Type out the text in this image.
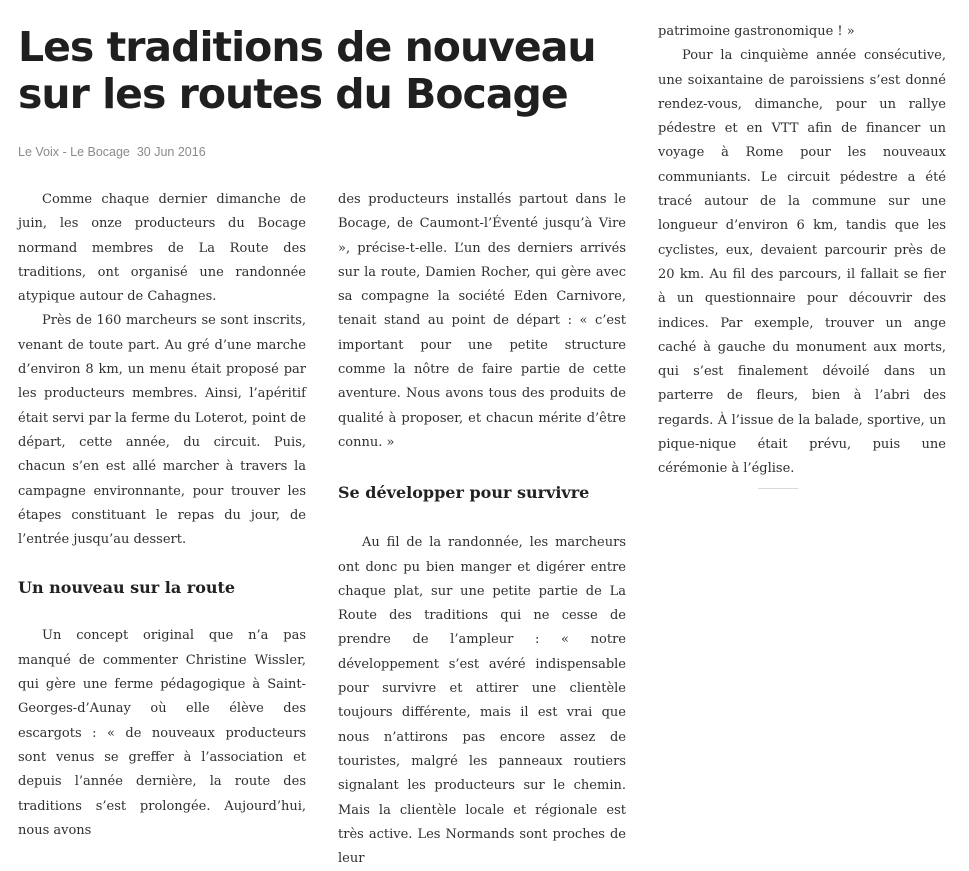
Les traditions de nouveau sur les routes du Bocage
Le Voix - Le Bocage 30 Jun 2016

Comme chaque dernier dimanche de juin, les onze producteurs du Bocage normand membres de La Route des traditions, ont organisé une randonnée atypique autour de Cahagnes.

Près de 160 marcheurs se sont inscrits, venant de toute part. Au gré d’une marche d’environ 8 km, un menu était proposé par les producteurs membres. Ainsi, l’apéritif était servi par la ferme du Loterot, point de départ, cette année, du circuit. Puis, chacun s’en est allé marcher à travers la campagne environnante, pour trouver les étapes constituant le repas du jour, de l’entrée jusqu’au dessert.

Un nouveau sur la route

Un concept original que n’a pas manqué de commenter Christine Wissler, qui gère une ferme pédagogique à Saint-Georges-d’Aunay où elle élève des escargots : « de nouveaux producteurs sont venus se greffer à l’association et depuis l’année dernière, la route des traditions s’est prolongée. Aujourd’hui, nous avons

des producteurs installés partout dans le Bocage, de Caumont-l’Éventé jusqu’à Vire », précise-t-elle. L’un des derniers arrivés sur la route, Damien Rocher, qui gère avec sa compagne la société Eden Carnivore, tenait stand au point de départ : « c’est important pour une petite structure comme la nôtre de faire partie de cette aventure. Nous avons tous des produits de qualité à proposer, et chacun mérite d’être connu. »

Se développer pour survivre

Au fil de la randonnée, les marcheurs ont donc pu bien manger et digérer entre chaque plat, sur une petite partie de La Route des traditions qui ne cesse de prendre de l’ampleur : « notre développement s’est avéré indispensable pour survivre et attirer une clientèle toujours différente, mais il est vrai que nous n’attirons pas encore assez de touristes, malgré les panneaux routiers signalant les producteurs sur le chemin. Mais la clientèle locale et régionale est très active. Les Normands sont proches de leur

patrimoine gastronomique ! »

Pour la cinquième année consécutive, une soixantaine de paroissiens s’est donné rendez-vous, dimanche, pour un rallye pédestre et en VTT afin de financer un voyage à Rome pour les nouveaux communiants. Le circuit pédestre a été tracé autour de la commune sur une longueur d’environ 6 km, tandis que les cyclistes, eux, devaient parcourir près de 20 km. Au fil des parcours, il fallait se fier à un questionnaire pour découvrir des indices. Par exemple, trouver un ange caché à gauche du monument aux morts, qui s’est finalement dévoilé dans un parterre de fleurs, bien à l’abri des regards. À l’issue de la balade, sportive, un pique-nique était prévu, puis une cérémonie à l’église.
